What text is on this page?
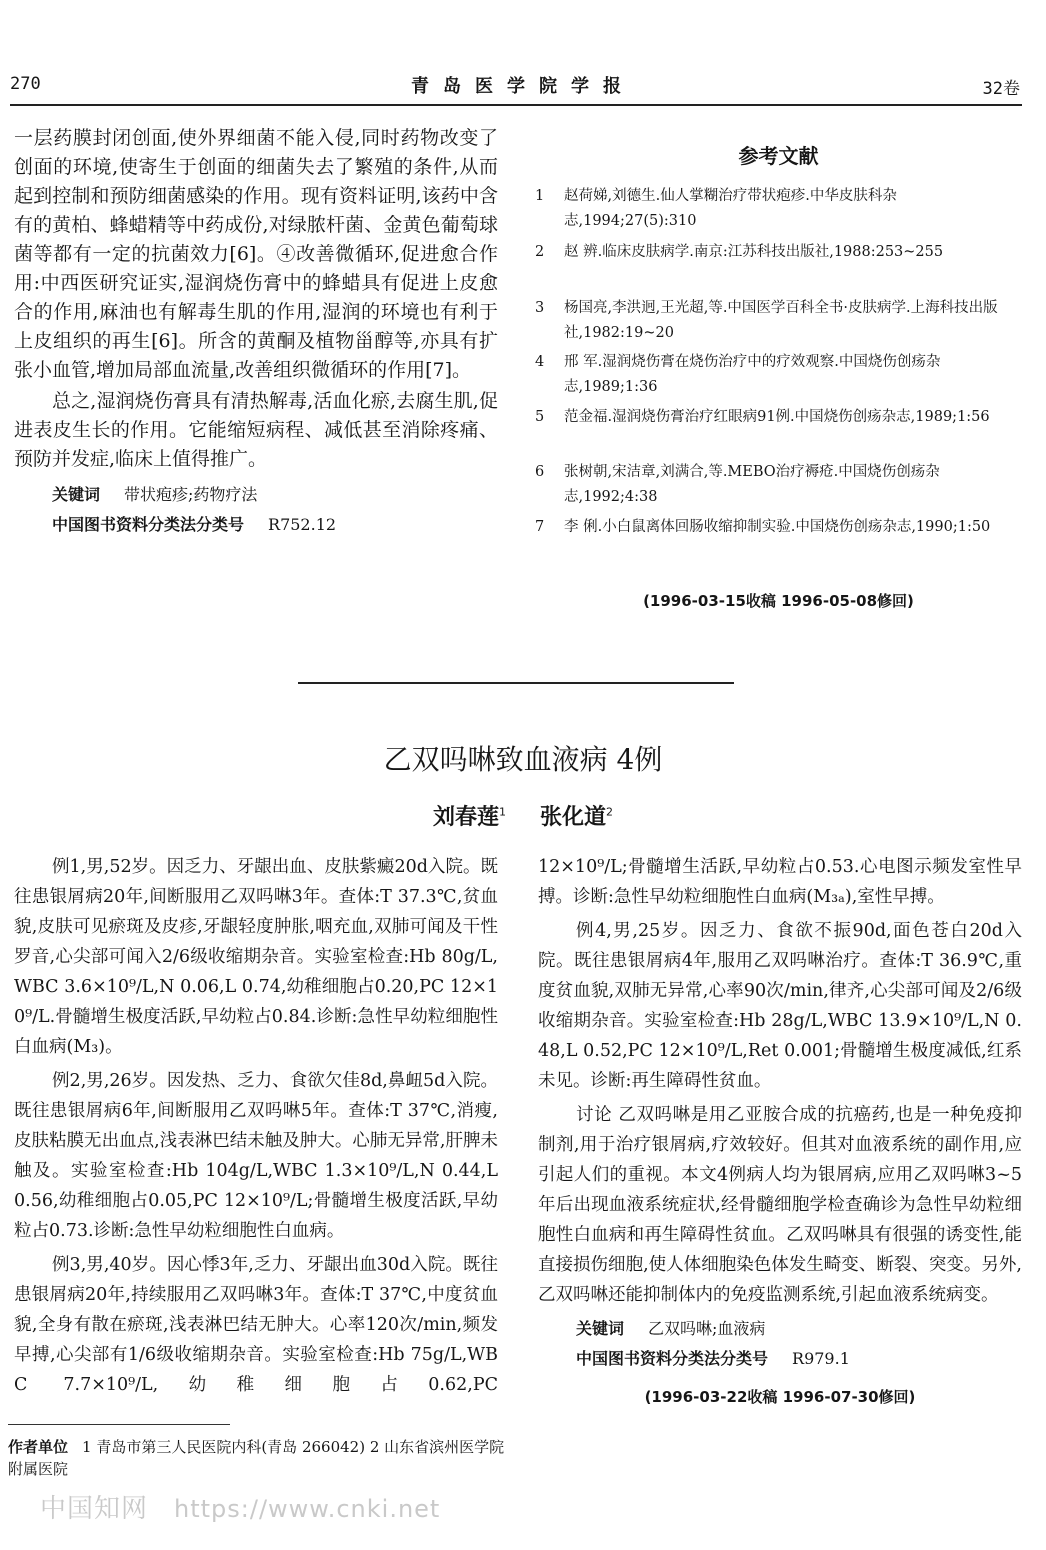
270	青岛医学院学报	32卷

一层药膜封闭创面,使外界细菌不能入侵,同时药物改变了创面的环境,使寄生于创面的细菌失去了繁殖的条件,从而起到控制和预防细菌感染的作用。现有资料证明,该药中含有的黄柏、蜂蜡精等中药成份,对绿脓杆菌、金黄色葡萄球菌等都有一定的抗菌效力[6]。④改善微循环,促进愈合作用:中西医研究证实,湿润烧伤膏中的蜂蜡具有促进上皮愈合的作用,麻油也有解毒生肌的作用,湿润的环境也有利于上皮组织的再生[6]。所含的黄酮及植物甾醇等,亦具有扩张小血管,增加局部血流量,改善组织微循环的作用[7]。

总之,湿润烧伤膏具有清热解毒,活血化瘀,去腐生肌,促进表皮生长的作用。它能缩短病程、减低甚至消除疼痛、预防并发症,临床上值得推广。

关键词 带状疱疹;药物疗法
中国图书资料分类法分类号 R752.12
参考文献
1 赵荷娣,刘德生.仙人掌糊治疗带状疱疹.中华皮肤科杂志,1994;27(5):310
2 赵 辨.临床皮肤病学.南京:江苏科技出版社,1988:253~255
3 杨国亮,李洪迥,王光超,等.中国医学百科全书·皮肤病学.上海科技出版社,1982:19~20
4 邢 军.湿润烧伤膏在烧伤治疗中的疗效观察.中国烧伤创疡杂志,1989;1:36
5 范金福.湿润烧伤膏治疗红眼病91例.中国烧伤创疡杂志,1989;1:56
6 张树朝,宋洁章,刘满合,等.MEBO治疗褥疮.中国烧伤创疡杂志,1992;4:38
7 李 俐.小白鼠离体回肠收缩抑制实验.中国烧伤创疡杂志,1990;1:50
(1996-03-15收稿 1996-05-08修回)
乙双吗啉致血液病 4例
刘春莲$^1$ 张化道$^2$

例1,男,52岁。因乏力、牙龈出血、皮肤紫癜20d入院。既往患银屑病20年,间断服用乙双吗啉3年。查体:T 37.3℃,贫血貌,皮肤可见瘀斑及皮疹,牙龈轻度肿胀,咽充血,双肺可闻及干性罗音,心尖部可闻入2/6级收缩期杂音。实验室检查:Hb 80g/L,WBC 3.6×10⁹/L,N 0.06,L 0.74,幼稚细胞占0.20,PC 12×10⁹/L.骨髓增生极度活跃,早幼粒占0.84.诊断:急性早幼粒细胞性白血病(M₃)。

例2,男,26岁。因发热、乏力、食欲欠佳8d,鼻衄5d入院。既往患银屑病6年,间断服用乙双吗啉5年。查体:T 37℃,消瘦,皮肤粘膜无出血点,浅表淋巴结未触及肿大。心肺无异常,肝脾未触及。实验室检查:Hb 104g/L,WBC 1.3×10⁹/L,N 0.44,L 0.56,幼稚细胞占0.05,PC 12×10⁹/L;骨髓增生极度活跃,早幼粒占0.73.诊断:急性早幼粒细胞性白血病。

例3,男,40岁。因心悸3年,乏力、牙龈出血30d入院。既往患银屑病20年,持续服用乙双吗啉3年。查体:T 37℃,中度贫血貌,全身有散在瘀斑,浅表淋巴结无肿大。心率120次/min,频发早搏,心尖部有1/6级收缩期杂音。实验室检查:Hb 75g/L,WBC 7.7×10⁹/L,幼稚细胞占0.62,PC

12×10⁹/L;骨髓增生活跃,早幼粒占0.53.心电图示频发室性早搏。诊断:急性早幼粒细胞性白血病(M₃ₐ),室性早搏。

例4,男,25岁。因乏力、食欲不振90d,面色苍白20d入院。既往患银屑病4年,服用乙双吗啉治疗。查体:T 36.9℃,重度贫血貌,双肺无异常,心率90次/min,律齐,心尖部可闻及2/6级收缩期杂音。实验室检查:Hb 28g/L,WBC 13.9×10⁹/L,N 0.48,L 0.52,PC 12×10⁹/L,Ret 0.001;骨髓增生极度减低,红系未见。诊断:再生障碍性贫血。

讨论 乙双吗啉是用乙亚胺合成的抗癌药,也是一种免疫抑制剂,用于治疗银屑病,疗效较好。但其对血液系统的副作用,应引起人们的重视。本文4例病人均为银屑病,应用乙双吗啉3~5年后出现血液系统症状,经骨髓细胞学检查确诊为急性早幼粒细胞性白血病和再生障碍性贫血。乙双吗啉具有很强的诱变性,能直接损伤细胞,使人体细胞染色体发生畸变、断裂、突变。另外,乙双吗啉还能抑制体内的免疫监测系统,引起血液系统病变。

关键词 乙双吗啉;血液病
中国图书资料分类法分类号 R979.1
(1996-03-22收稿 1996-07-30修回)
作者单位 1 青岛市第三人民医院内科(青岛 266042) 2 山东省滨州医学院附属医院
中国知网 https://www.cnki.net
